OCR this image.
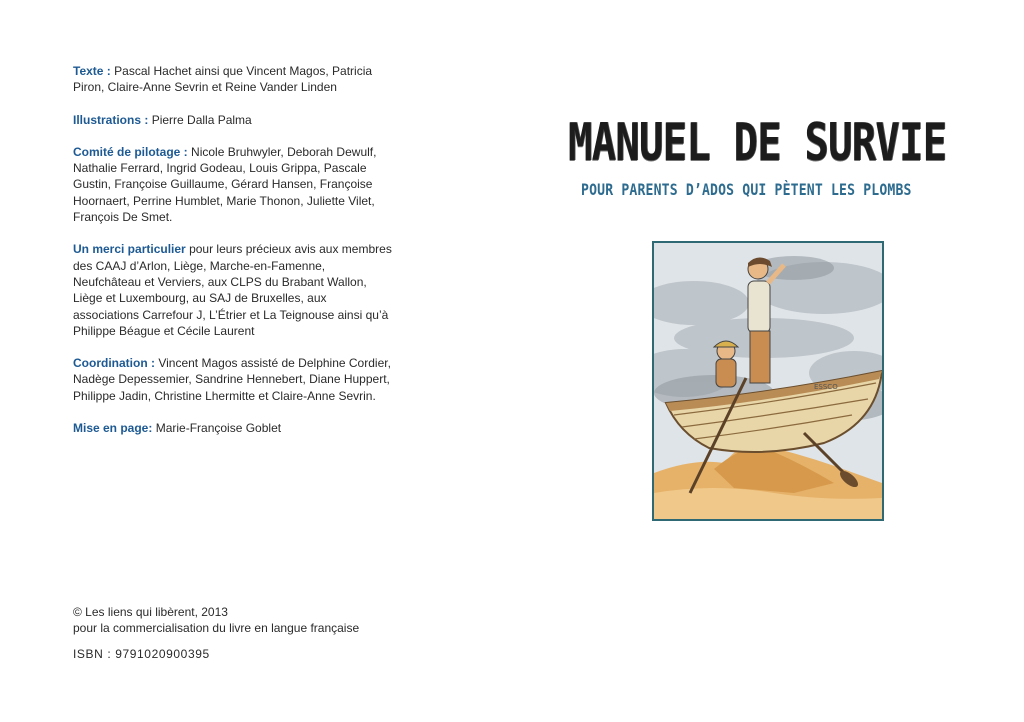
Texte : Pascal Hachet ainsi que Vincent Magos, Patricia Piron, Claire-Anne Sevrin et Reine Vander Linden

Illustrations : Pierre Dalla Palma

Comité de pilotage : Nicole Bruhwyler, Deborah Dewulf, Nathalie Ferrard, Ingrid Godeau, Louis Grippa, Pascale Gustin, Françoise Guillaume, Gérard Hansen, Françoise Hoornaert, Perrine Humblet, Marie Thonon, Juliette Vilet, François De Smet.

Un merci particulier pour leurs précieux avis aux membres des CAAJ d’Arlon, Liège, Marche-en-Famenne, Neufchâteau et Verviers, aux CLPS du Brabant Wallon, Liège et Luxembourg, au SAJ de Bruxelles, aux associations Carrefour J, L’Étrier et La Teignouse ainsi qu’à Philippe Béague et Cécile Laurent

Coordination : Vincent Magos assisté de Delphine Cordier, Nadège Depessemier, Sandrine Hennebert, Diane Huppert, Philippe Jadin, Christine Lhermitte et Claire-Anne Sevrin.

Mise en page: Marie-Françoise Goblet

© Les liens qui libèrent, 2013
pour la commercialisation du livre en langue française
ISBN : 9791020900395
MANUEL DE SURVIE
POUR PARENTS D’ADOS QUI PÈTENT LES PLOMBS
ESSCO
